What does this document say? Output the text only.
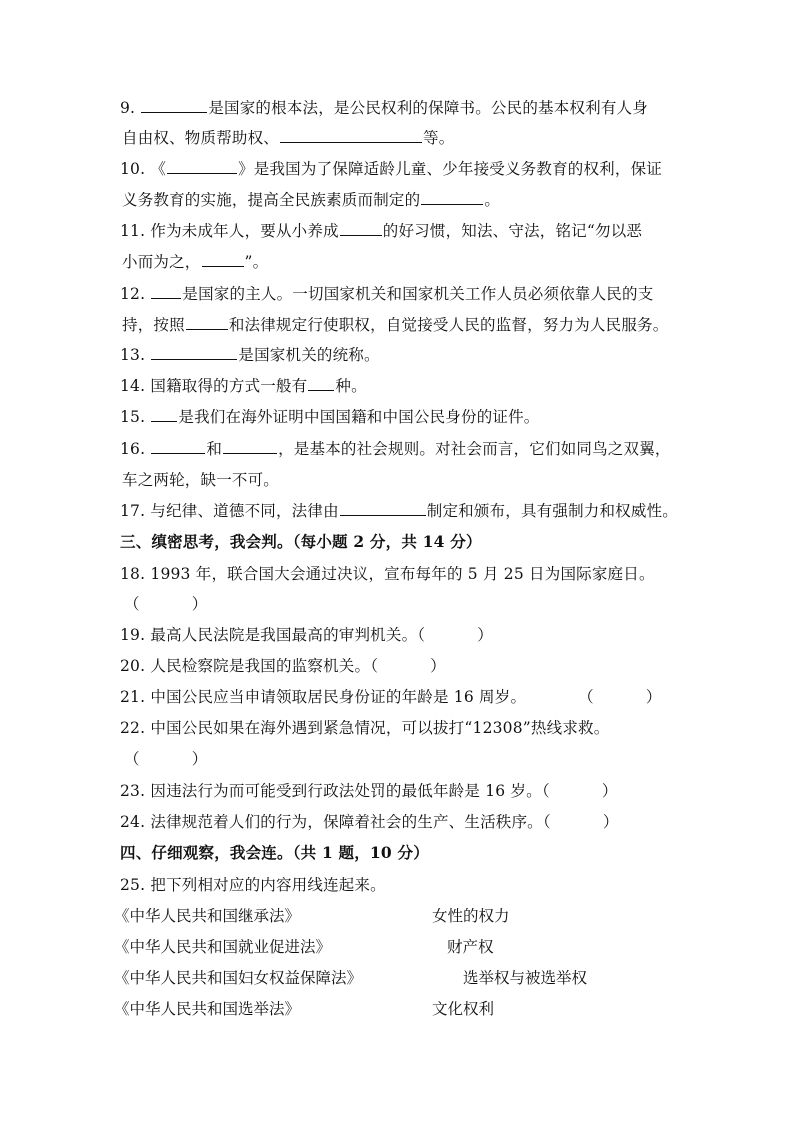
9.	是国家的根本法，是公民权利的保障书。公民的基本权利有人身
自由权、物质帮助权、	等。
10. 《	》是我国为了保障适龄儿童、少年接受义务教育的权利，保证
义务教育的实施，提高全民族素质而制定的	。
11. 作为未成年人，要从小养成	的好习惯，知法、守法，铭记“勿以恶
小而为之，	”。
12. 是国家的主人。一切国家机关和国家机关工作人员必须依靠人民的支
持，按照	和法律规定行使职权，自觉接受人民的监督，努力为人民服务。
13.	是国家机关的统称。
14. 国籍取得的方式一般有 种。
15. 是我们在海外证明中国国籍和中国公民身份的证件。
16.	和	，是基本的社会规则。对社会而言，它们如同鸟之双翼，
车之两轮，缺一不可。
17. 与纪律、道德不同，法律由	制定和颁布，具有强制力和权威性。
三、缜密思考，我会判。（每小题 2 分，共 14 分）
18. 1993 年，联合国大会通过决议，宣布每年的 5 月 25 日为国际家庭日。
（	）
19. 最高人民法院是我国最高的审判机关。（	）
20. 人民检察院是我国的监察机关。（	）
21. 中国公民应当申请领取居民身份证的年龄是 16 周岁。	（	）
22. 中国公民如果在海外遇到紧急情况，可以拔打“12308”热线求救。
（	）
23. 因违法行为而可能受到行政法处罚的最低年龄是 16 岁。（	）
24. 法律规范着人们的行为，保障着社会的生产、生活秩序。（	）
四、仔细观察，我会连。（共 1 题，10 分）
25. 把下列相对应的内容用线连起来。
《中华人民共和国继承法》	女性的权力
《中华人民共和国就业促进法》	财产权
《中华人民共和国妇女权益保障法》	选举权与被选举权
《中华人民共和国选举法》	文化权利
